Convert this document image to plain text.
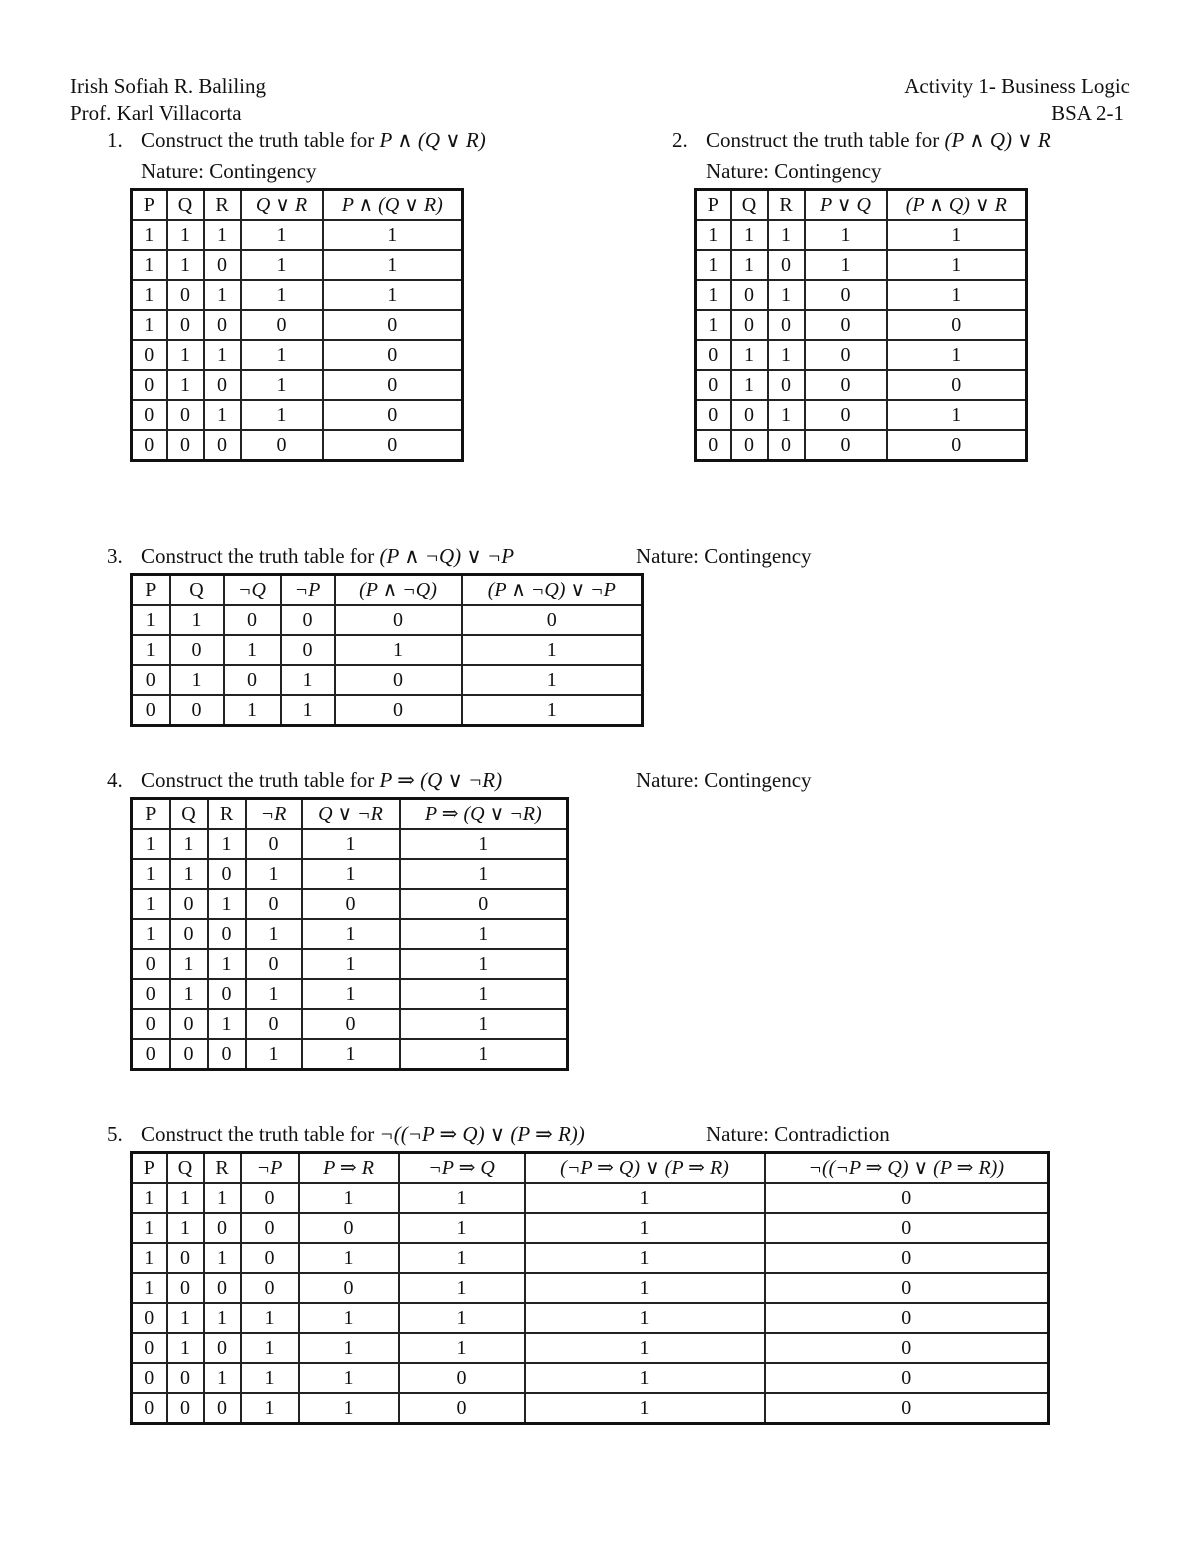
Irish Sofiah R. Baliling
Prof. Karl Villacorta
Activity 1- Business Logic
BSA 2-1
1. Construct the truth table for P ∧ (Q ∨ R)
Nature: Contingency
P	Q	R	Q ∨ R	P ∧ (Q ∨ R)
1	1	1	1	1
1	1	0	1	1
1	0	1	1	1
1	0	0	0	0
0	1	1	1	0
0	1	0	1	0
0	0	1	1	0
0	0	0	0	0
2. Construct the truth table for (P ∧ Q) ∨ R
Nature: Contingency
P	Q	R	P ∨ Q	(P ∧ Q) ∨ R
1	1	1	1	1
1	1	0	1	1
1	0	1	0	1
1	0	0	0	0
0	1	1	0	1
0	1	0	0	0
0	0	1	0	1
0	0	0	0	0
3. Construct the truth table for (P ∧ ¬Q) ∨ ¬P	Nature: Contingency
P	Q	¬Q	¬P	(P ∧ ¬Q)	(P ∧ ¬Q) ∨ ¬P
1	1	0	0	0	0
1	0	1	0	1	1
0	1	0	1	0	1
0	0	1	1	0	1
4. Construct the truth table for P ⇒ (Q ∨ ¬R)	Nature: Contingency
P	Q	R	¬R	Q ∨ ¬R	P ⇒ (Q ∨ ¬R)
1	1	1	0	1	1
1	1	0	1	1	1
1	0	1	0	0	0
1	0	0	1	1	1
0	1	1	0	1	1
0	1	0	1	1	1
0	0	1	0	0	1
0	0	0	1	1	1
5. Construct the truth table for ¬((¬P ⇒ Q) ∨ (P ⇒ R))	Nature: Contradiction
P	Q	R	¬P	P ⇒ R	¬P ⇒ Q	(¬P ⇒ Q) ∨ (P ⇒ R)	¬((¬P ⇒ Q) ∨ (P ⇒ R))
1	1	1	0	1	1	1	0
1	1	0	0	0	1	1	0
1	0	1	0	1	1	1	0
1	0	0	0	0	1	1	0
0	1	1	1	1	1	1	0
0	1	0	1	1	1	1	0
0	0	1	1	1	0	1	0
0	0	0	1	1	0	1	0
